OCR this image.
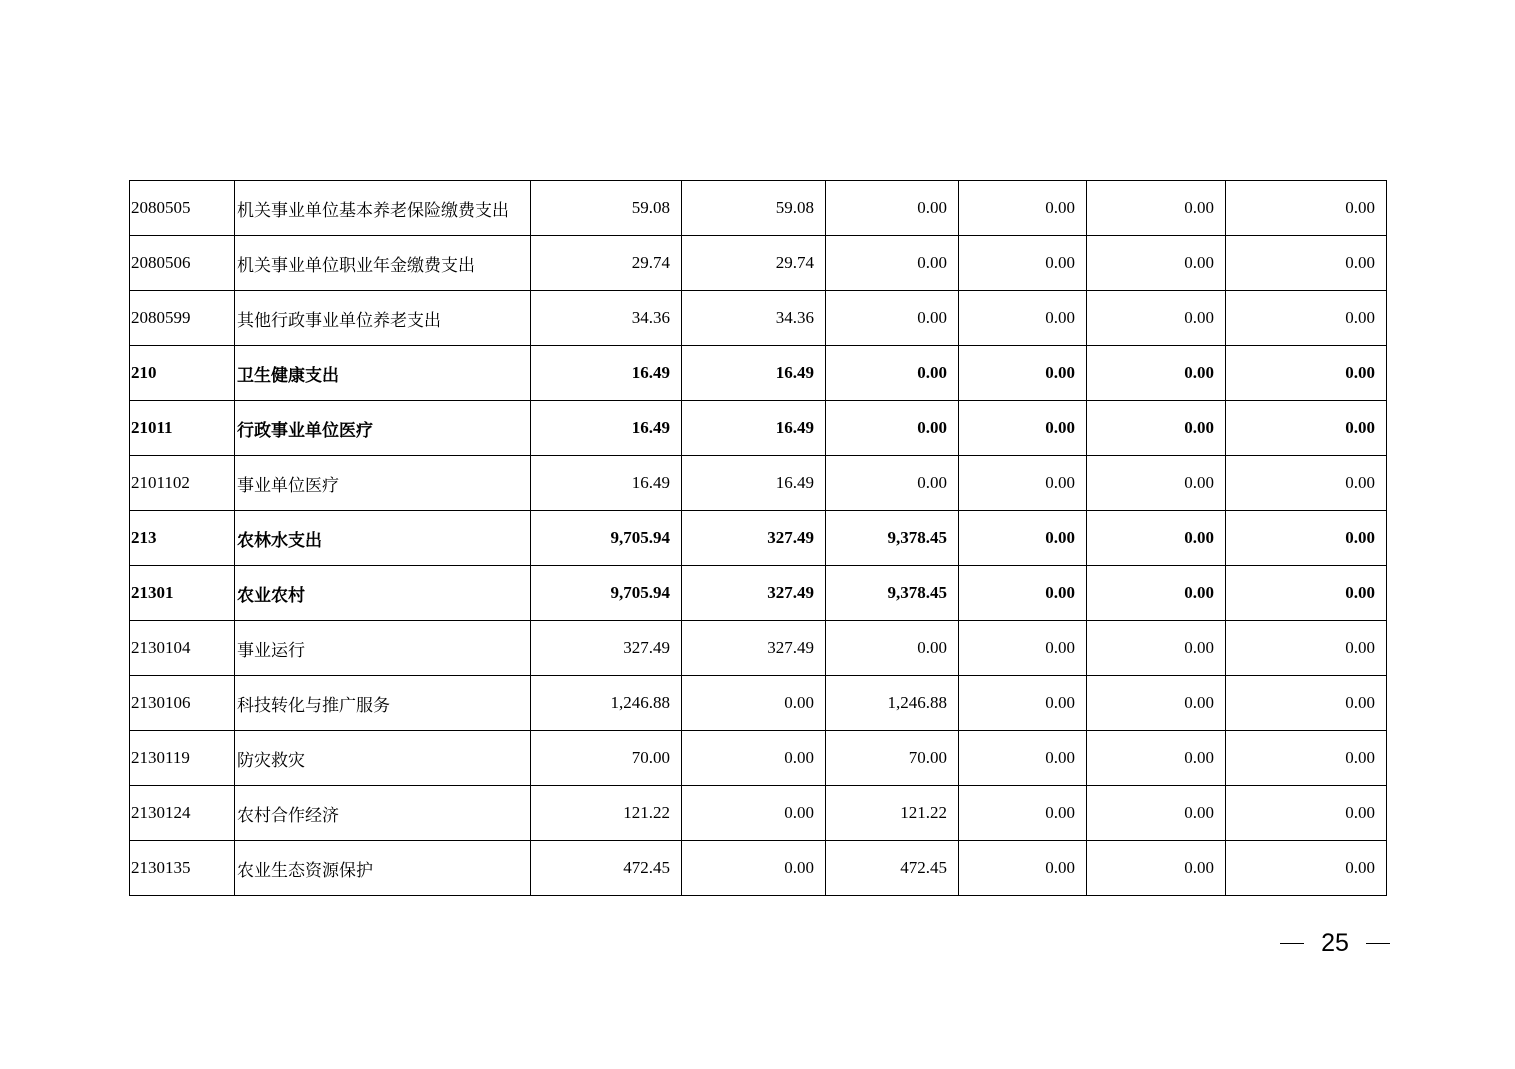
2080505	机关事业单位基本养老保险缴费支出	59.08	59.08	0.00	0.00	0.00	0.00
2080506	机关事业单位职业年金缴费支出	29.74	29.74	0.00	0.00	0.00	0.00
2080599	其他行政事业单位养老支出	34.36	34.36	0.00	0.00	0.00	0.00
210	卫生健康支出	16.49	16.49	0.00	0.00	0.00	0.00
21011	行政事业单位医疗	16.49	16.49	0.00	0.00	0.00	0.00
2101102	事业单位医疗	16.49	16.49	0.00	0.00	0.00	0.00
213	农林水支出	9,705.94	327.49	9,378.45	0.00	0.00	0.00
21301	农业农村	9,705.94	327.49	9,378.45	0.00	0.00	0.00
2130104	事业运行	327.49	327.49	0.00	0.00	0.00	0.00
2130106	科技转化与推广服务	1,246.88	0.00	1,246.88	0.00	0.00	0.00
2130119	防灾救灾	70.00	0.00	70.00	0.00	0.00	0.00
2130124	农村合作经济	121.22	0.00	121.22	0.00	0.00	0.00
2130135	农业生态资源保护	472.45	0.00	472.45	0.00	0.00	0.00
25
